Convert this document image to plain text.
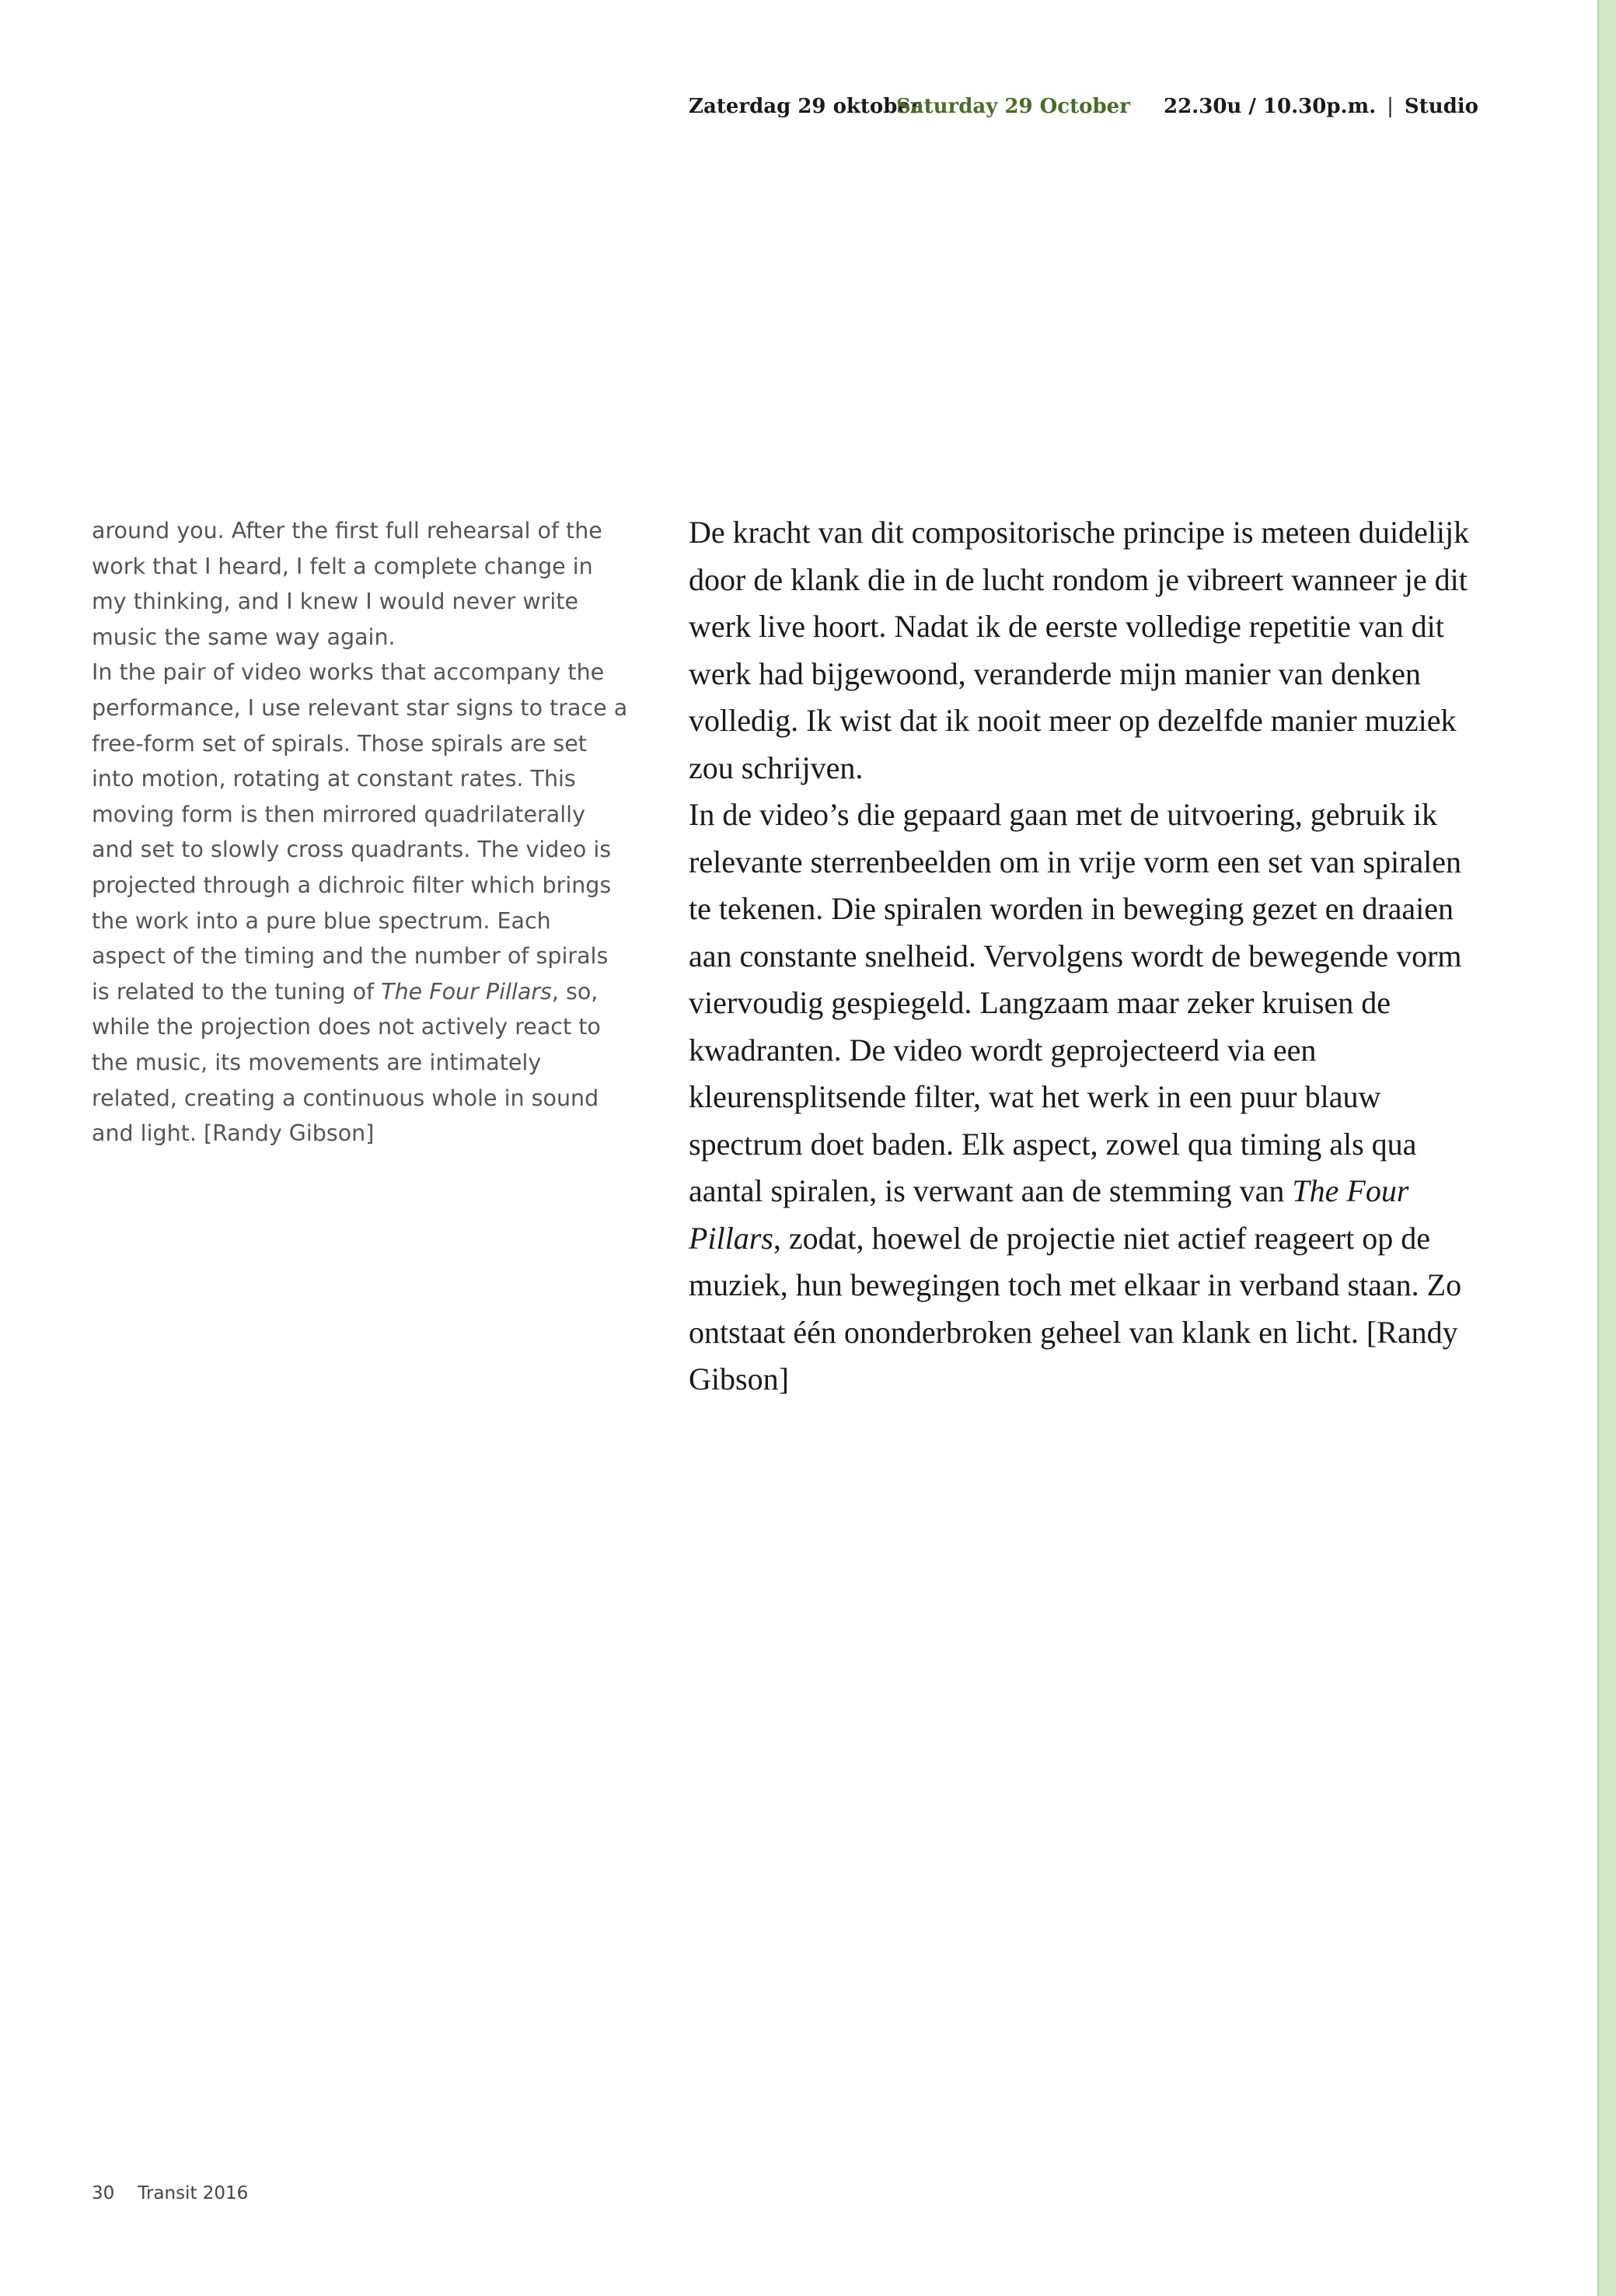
Zaterdag 29 oktober
Saturday 29 October 22.30u / 10.30p.m. | Studio

around you. After the first full rehearsal of the work that I heard, I felt a complete change in my thinking, and I knew I would never write music the same way again.

In the pair of video works that accompany the performance, I use relevant star signs to trace a free-form set of spirals. Those spirals are set into motion, rotating at constant rates. This moving form is then mirrored quadrilaterally and set to slowly cross quadrants. The video is projected through a dichroic filter which brings the work into a pure blue spectrum. Each aspect of the timing and the number of spirals is related to the tuning of The Four Pillars, so, while the projection does not actively react to the music, its movements are intimately related, creating a continuous whole in sound and light. [Randy Gibson]

De kracht van dit compositorische principe is meteen duidelijk door de klank die in de lucht rondom je vibreert wanneer je dit werk live hoort. Nadat ik de eerste volledige repetitie van dit werk had bijgewoond, veranderde mijn manier van denken volledig. Ik wist dat ik nooit meer op dezelfde manier muziek zou schrijven.

In de video’s die gepaard gaan met de uitvoering, gebruik ik relevante sterrenbeelden om in vrije vorm een set van spiralen te tekenen. Die spiralen worden in beweging gezet en draaien aan constante snelheid. Vervolgens wordt de bewegende vorm viervoudig gespiegeld. Langzaam maar zeker kruisen de kwadranten. De video wordt geprojecteerd via een kleurensplitsende filter, wat het werk in een puur blauw spectrum doet baden. Elk aspect, zowel qua timing als qua aantal spiralen, is verwant aan de stemming van The Four Pillars, zodat, hoewel de projectie niet actief reageert op de muziek, hun bewegingen toch met elkaar in verband staan. Zo ontstaat één ononderbroken geheel van klank en licht. [Randy Gibson]

30 Transit 2016
